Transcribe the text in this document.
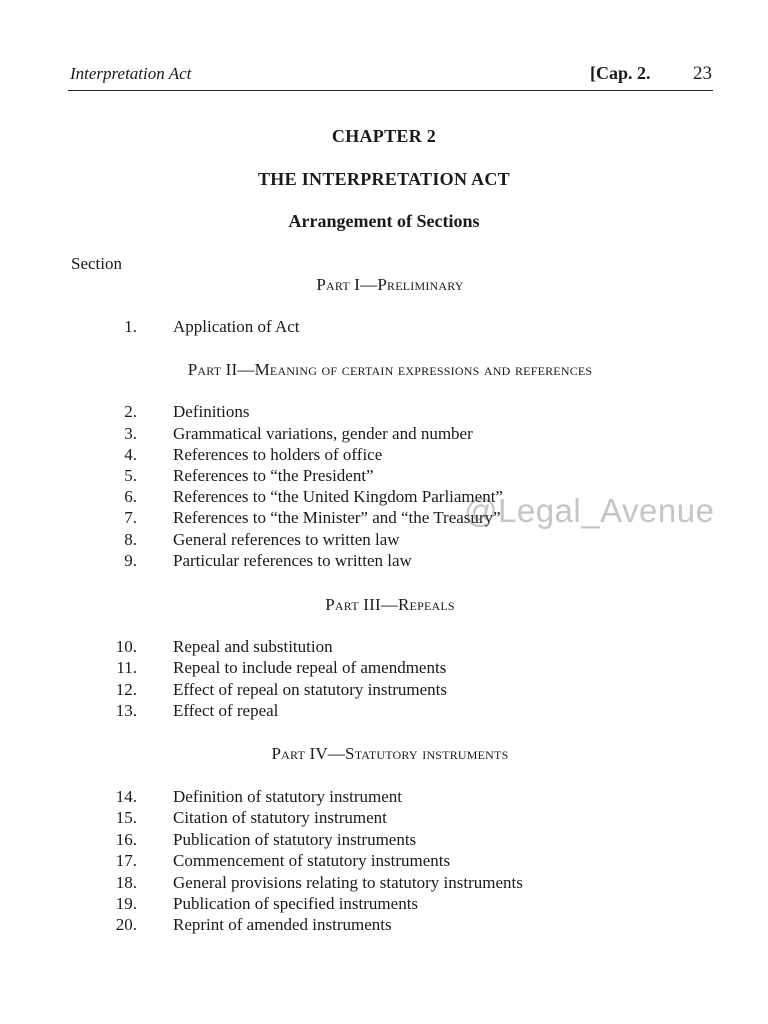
Interpretation Act	[Cap. 2. 23
CHAPTER 2
THE INTERPRETATION ACT
Arrangement of Sections
Section
Part I—Preliminary
1. Application of Act
Part II—Meaning of certain expressions and references
2. Definitions
3. Grammatical variations, gender and number
4. References to holders of office
5. References to “the President”
6. References to “the United Kingdom Parliament”
7. References to “the Minister” and “the Treasury”
8. General references to written law
9. Particular references to written law
Part III—Repeals
10. Repeal and substitution
11. Repeal to include repeal of amendments
12. Effect of repeal on statutory instruments
13. Effect of repeal
Part IV—Statutory instruments
14. Definition of statutory instrument
15. Citation of statutory instrument
16. Publication of statutory instruments
17. Commencement of statutory instruments
18. General provisions relating to statutory instruments
19. Publication of specified instruments
20. Reprint of amended instruments
@Legal_Avenue
